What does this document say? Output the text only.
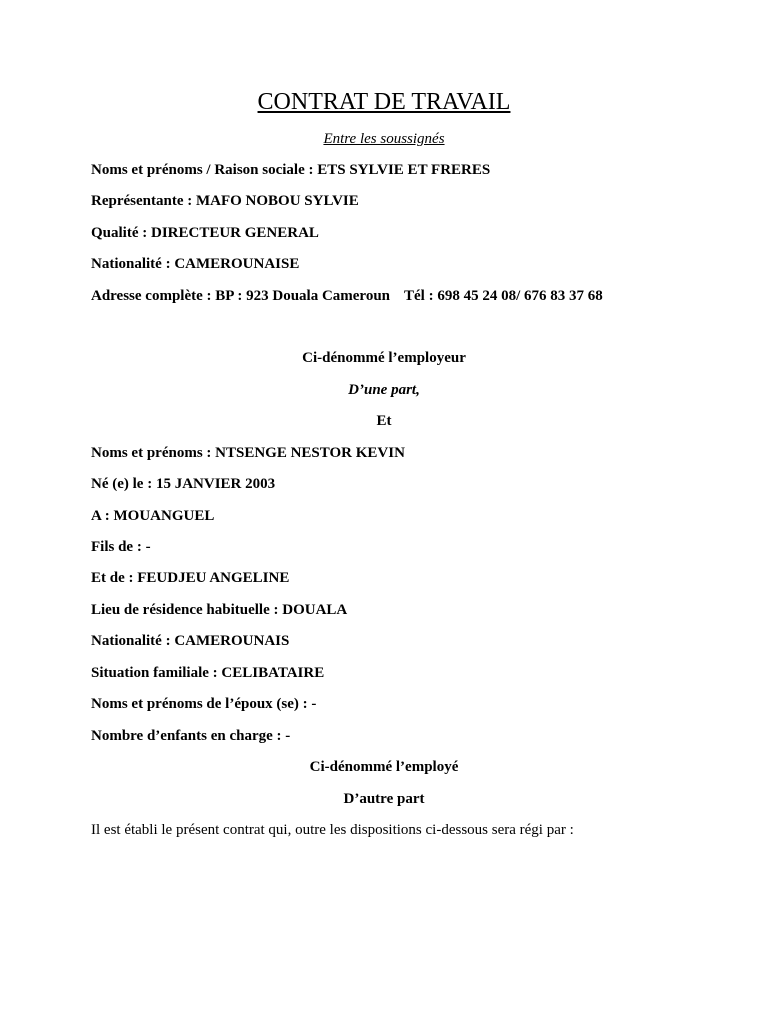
CONTRAT DE TRAVAIL
Entre les soussignés
Noms et prénoms / Raison sociale : ETS SYLVIE ET FRERES
Représentante : MAFO NOBOU SYLVIE
Qualité : DIRECTEUR GENERAL
Nationalité : CAMEROUNAISE
Adresse complète : BP : 923 Douala Cameroun Tél : 698 45 24 08/ 676 83 37 68
Ci-dénommé l’employeur
D’une part,
Et
Noms et prénoms : NTSENGE NESTOR KEVIN
Né (e) le : 15 JANVIER 2003
A : MOUANGUEL
Fils de : -
Et de : FEUDJEU ANGELINE
Lieu de résidence habituelle : DOUALA
Nationalité : CAMEROUNAIS
Situation familiale : CELIBATAIRE
Noms et prénoms de l’époux (se) : -
Nombre d’enfants en charge : -
Ci-dénommé l’employé
D’autre part
Il est établi le présent contrat qui, outre les dispositions ci-dessous sera régi par :
